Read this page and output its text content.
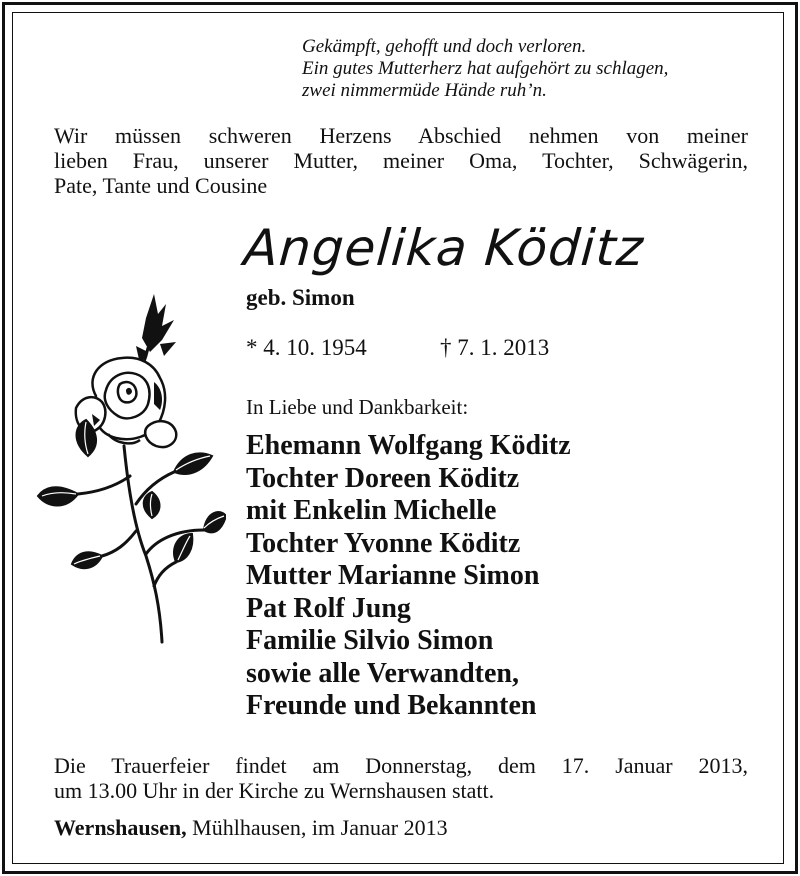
Gekämpft, gehofft und doch verloren.
Ein gutes Mutterherz hat aufgehört zu schlagen,
zwei nimmermüde Hände ruh’n.
Wir müssen schweren Herzens Abschied nehmen von meiner
lieben Frau, unserer Mutter, meiner Oma, Tochter, Schwägerin,
Pate, Tante und Cousine
Angelika Köditz
geb. Simon
* 4. 10. 1954	† 7. 1. 2013
In Liebe und Dankbarkeit:
Ehemann Wolfgang Köditz
Tochter Doreen Köditz
mit Enkelin Michelle
Tochter Yvonne Köditz
Mutter Marianne Simon
Pat Rolf Jung
Familie Silvio Simon
sowie alle Verwandten,
Freunde und Bekannten
Die Trauerfeier findet am Donnerstag, dem 17. Januar 2013,
um 13.00 Uhr in der Kirche zu Wernshausen statt.
Wernshausen, Mühlhausen, im Januar 2013
